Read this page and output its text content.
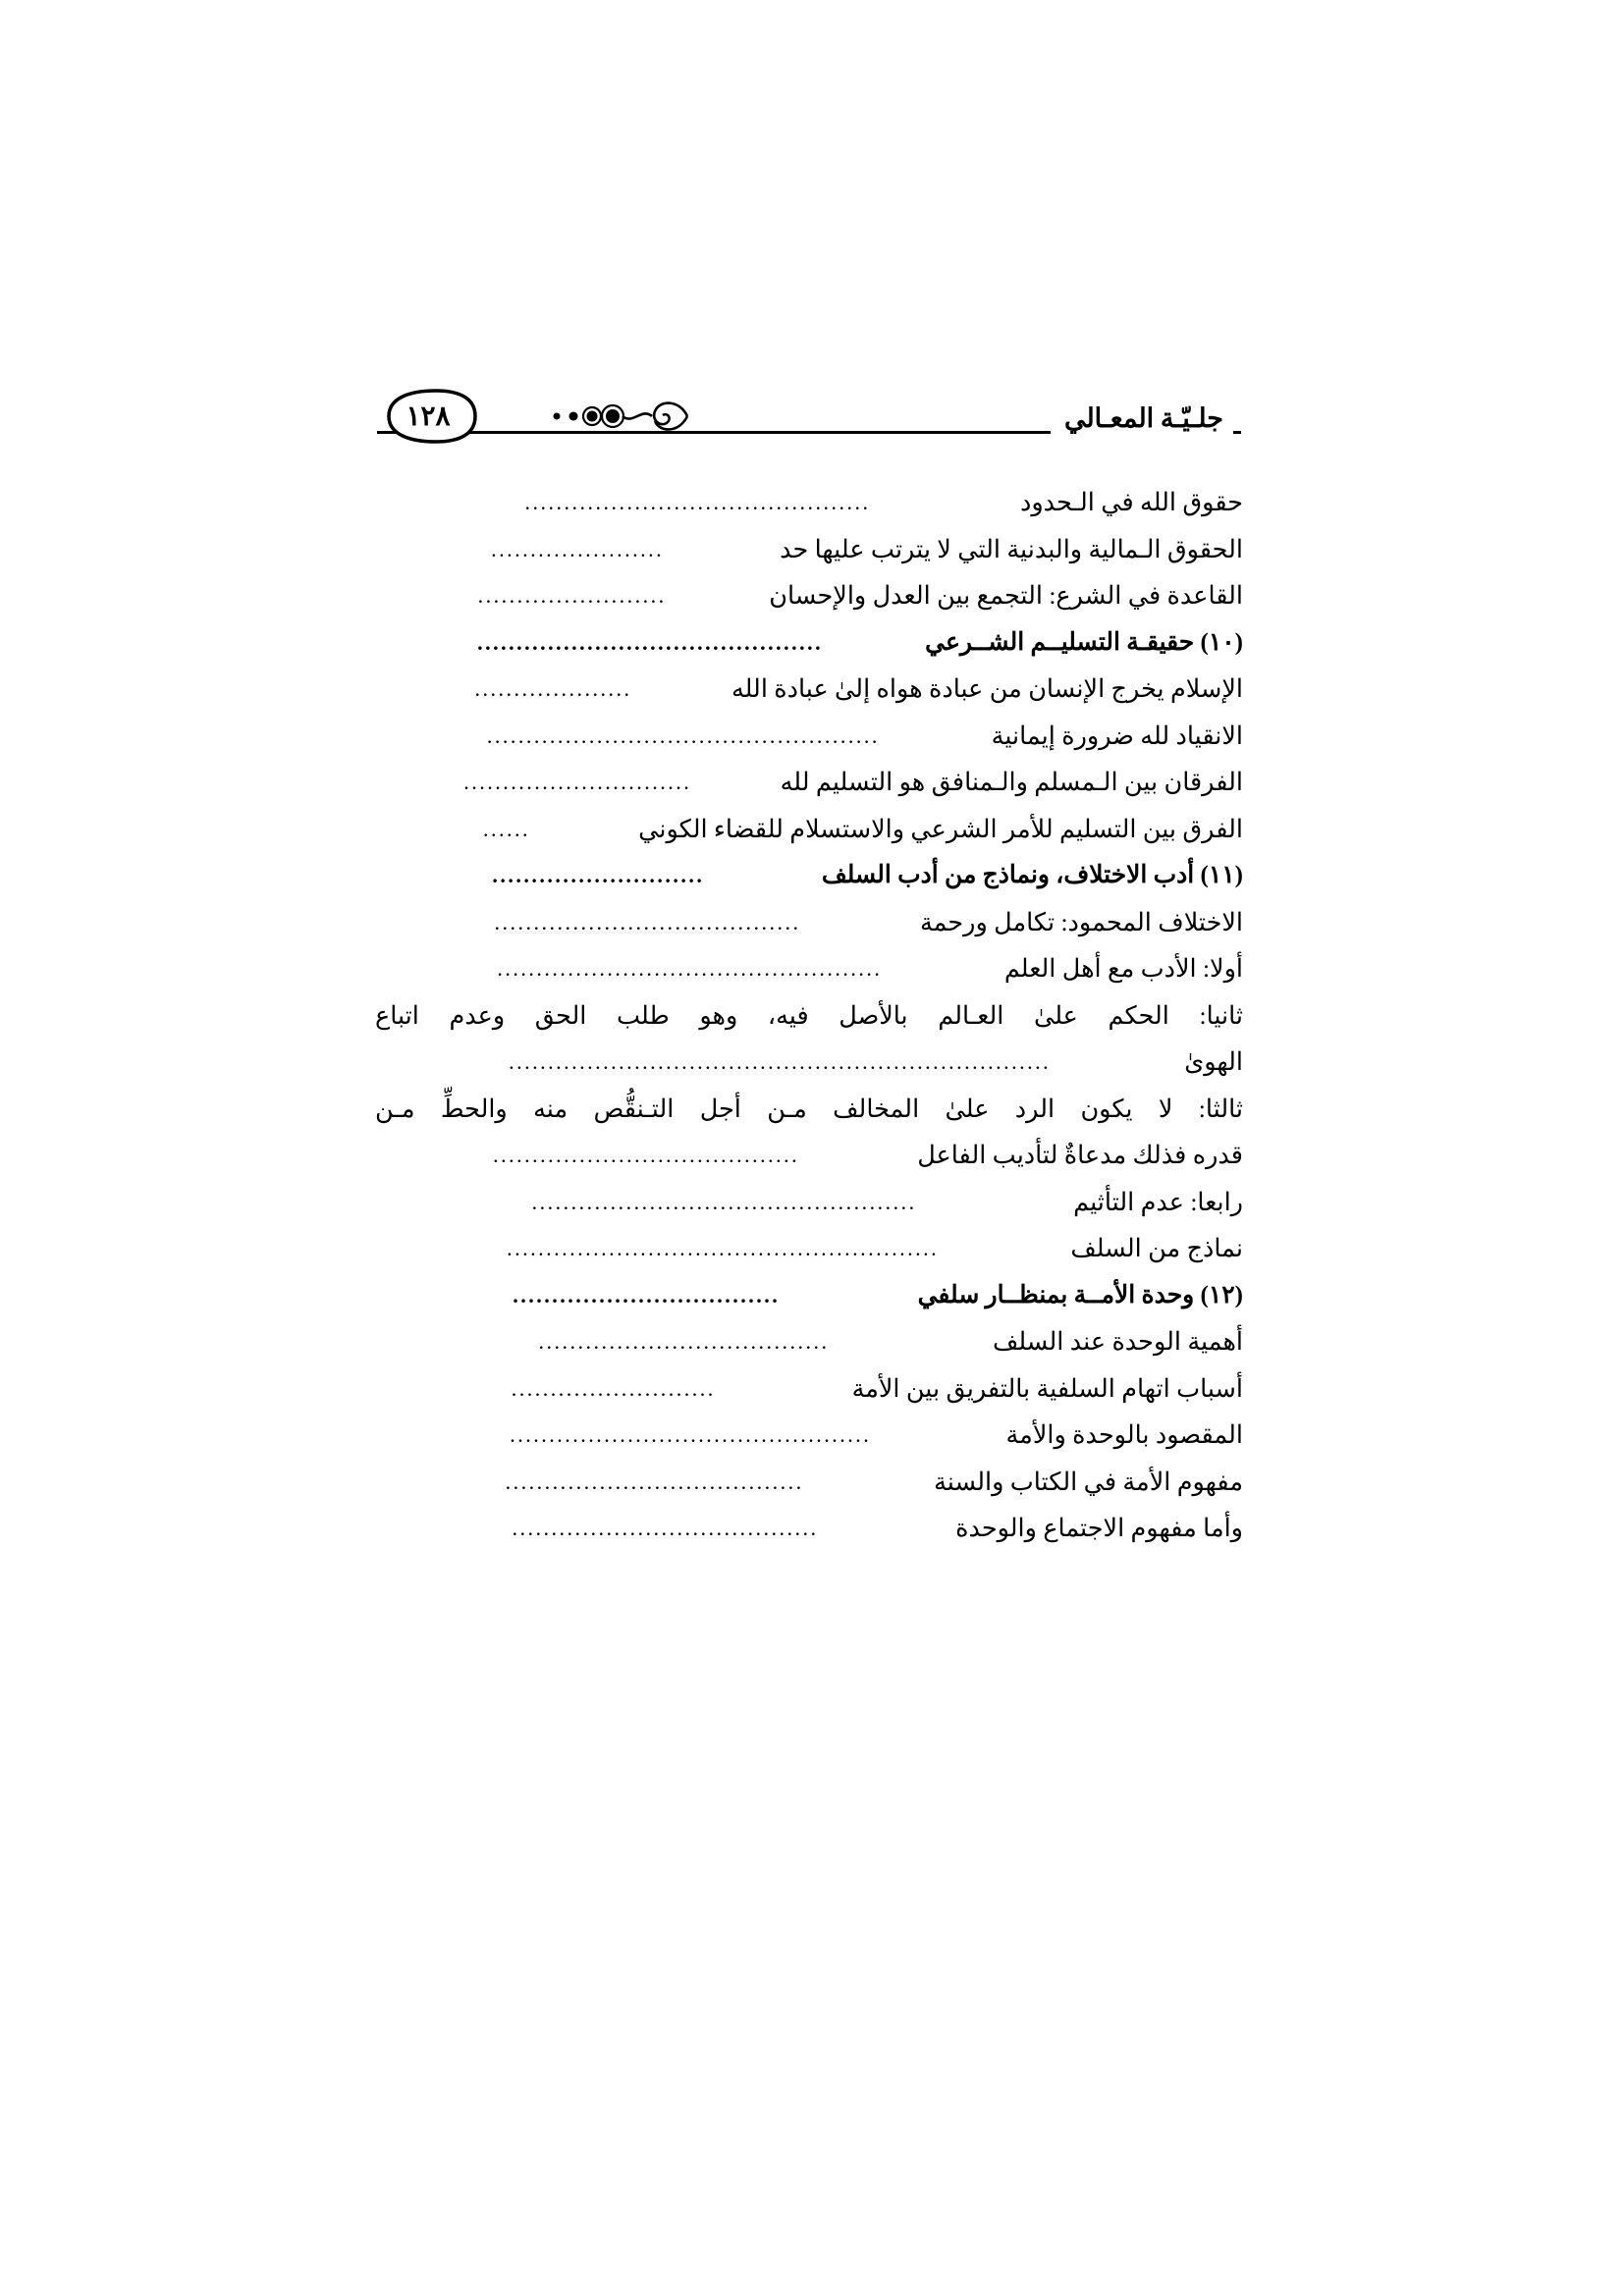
جلـيّـة المعـالي
١٢٨
حقوق الله في الـحدود
............................................
الحقوق الـمالية والبدنية التي لا يترتب عليها حد
......................
القاعدة في الشرع: التجمع بين العدل والإحسان
........................
(١٠) حقيقـة التسليــم الشــرعي
............................................
الإسلام يخرج الإنسان من عبادة هواه إلىٰ عبادة الله
....................
الانقياد لله ضرورة إيمانية
..................................................
الفرقان بين الـمسلم والـمنافق هو التسليم لله
.............................
الفرق بين التسليم للأمر الشرعي والاستسلام للقضاء الكوني
......
(١١) أدب الاختلاف، ونماذج من أدب السلف
...........................
الاختلاف المحمود: تكامل ورحمة
.......................................
أولا: الأدب مع أهل العلم
.................................................
ثانيا: الحكم علىٰ العـالم بالأصل فيه، وهو طلب الحق وعدم اتباع
الهوىٰ
.....................................................................
ثالثا: لا يكون الرد علىٰ المخالف مـن أجل التـنقُّص منه والحطِّ مـن
قدره فذلك مدعاةٌ لتأديب الفاعل
.......................................
رابعا: عدم التأثيم
.................................................
نماذج من السلف
.......................................................
(١٢) وحدة الأمــة بمنظــار سلفي
..................................
أهمية الوحدة عند السلف
.....................................
أسباب اتهام السلفية بالتفريق بين الأمة
..........................
المقصود بالوحدة والأمة
..............................................
مفهوم الأمة في الكتاب والسنة
......................................
وأما مفهوم الاجتماع والوحدة
.......................................
